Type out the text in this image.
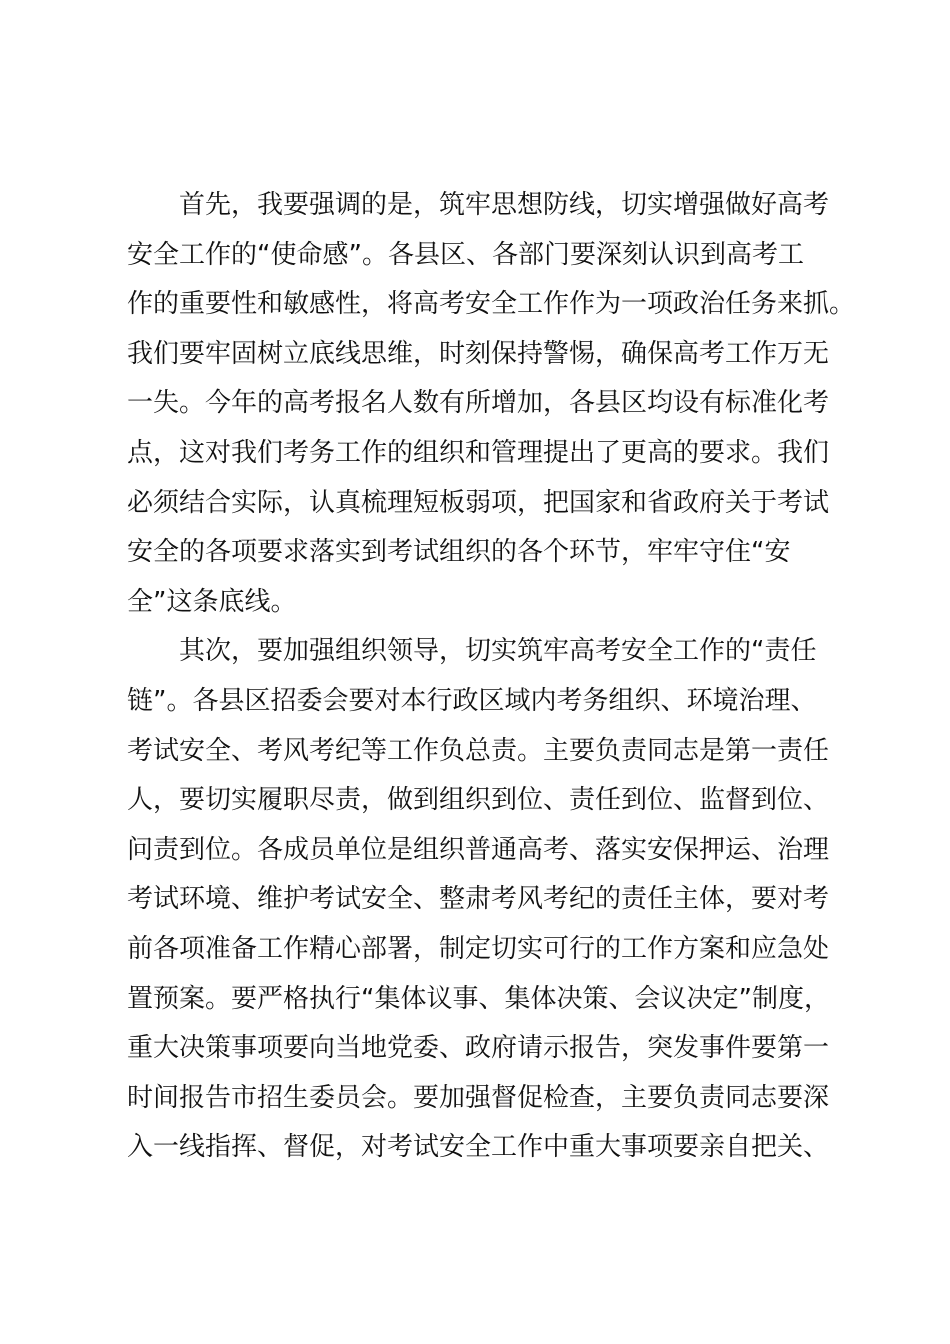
首先，我要强调的是，筑牢思想防线，切实增强做好高考
安全工作的“使命感”。各县区、各部门要深刻认识到高考工
作的重要性和敏感性，将高考安全工作作为一项政治任务来抓。
我们要牢固树立底线思维，时刻保持警惕，确保高考工作万无
一失。今年的高考报名人数有所增加，各县区均设有标准化考
点，这对我们考务工作的组织和管理提出了更高的要求。我们
必须结合实际，认真梳理短板弱项，把国家和省政府关于考试
安全的各项要求落实到考试组织的各个环节，牢牢守住“安
全”这条底线。
其次，要加强组织领导，切实筑牢高考安全工作的“责任
链”。各县区招委会要对本行政区域内考务组织、环境治理、
考试安全、考风考纪等工作负总责。主要负责同志是第一责任
人，要切实履职尽责，做到组织到位、责任到位、监督到位、
问责到位。各成员单位是组织普通高考、落实安保押运、治理
考试环境、维护考试安全、整肃考风考纪的责任主体，要对考
前各项准备工作精心部署，制定切实可行的工作方案和应急处
置预案。要严格执行“集体议事、集体决策、会议决定”制度，
重大决策事项要向当地党委、政府请示报告，突发事件要第一
时间报告市招生委员会。要加强督促检查，主要负责同志要深
入一线指挥、督促，对考试安全工作中重大事项要亲自把关、
